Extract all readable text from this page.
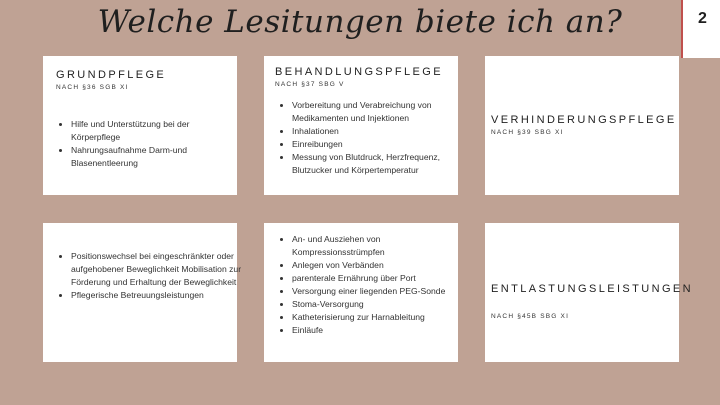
Welche Lesitungen biete ich an?	2
GRUNDPFLEGE
NACH §36 SGB XI
• Hilfe und Unterstützung bei der Körperpflege
• Nahrungsaufnahme Darm-und Blasenentleerung
BEHANDLUNGSPFLEGE
NACH §37 SBG V
• Vorbereitung und Verabreichung von Medikamenten und Injektionen
• Inhalationen
• Einreibungen
• Messung von Blutdruck, Herzfrequenz, Blutzucker und Körpertemperatur
VERHINDERUNGSPFLEGE
NACH §39 SBG XI
• Positionswechsel bei eingeschränkter oder aufgehobener Beweglichkeit Mobilisation zur Förderung und Erhaltung der Beweglichkeit
• Pflegerische Betreuungsleistungen
• An- und Ausziehen von Kompressionsstrümpfen
• Anlegen von Verbänden
• parenterale Ernährung über Port
• Versorgung einer liegenden PEG-Sonde
• Stoma-Versorgung
• Katheterisierung zur Harnableitung
• Einläufe
ENTLASTUNGSLEISTUNGEN
NACH §45B SBG XI
